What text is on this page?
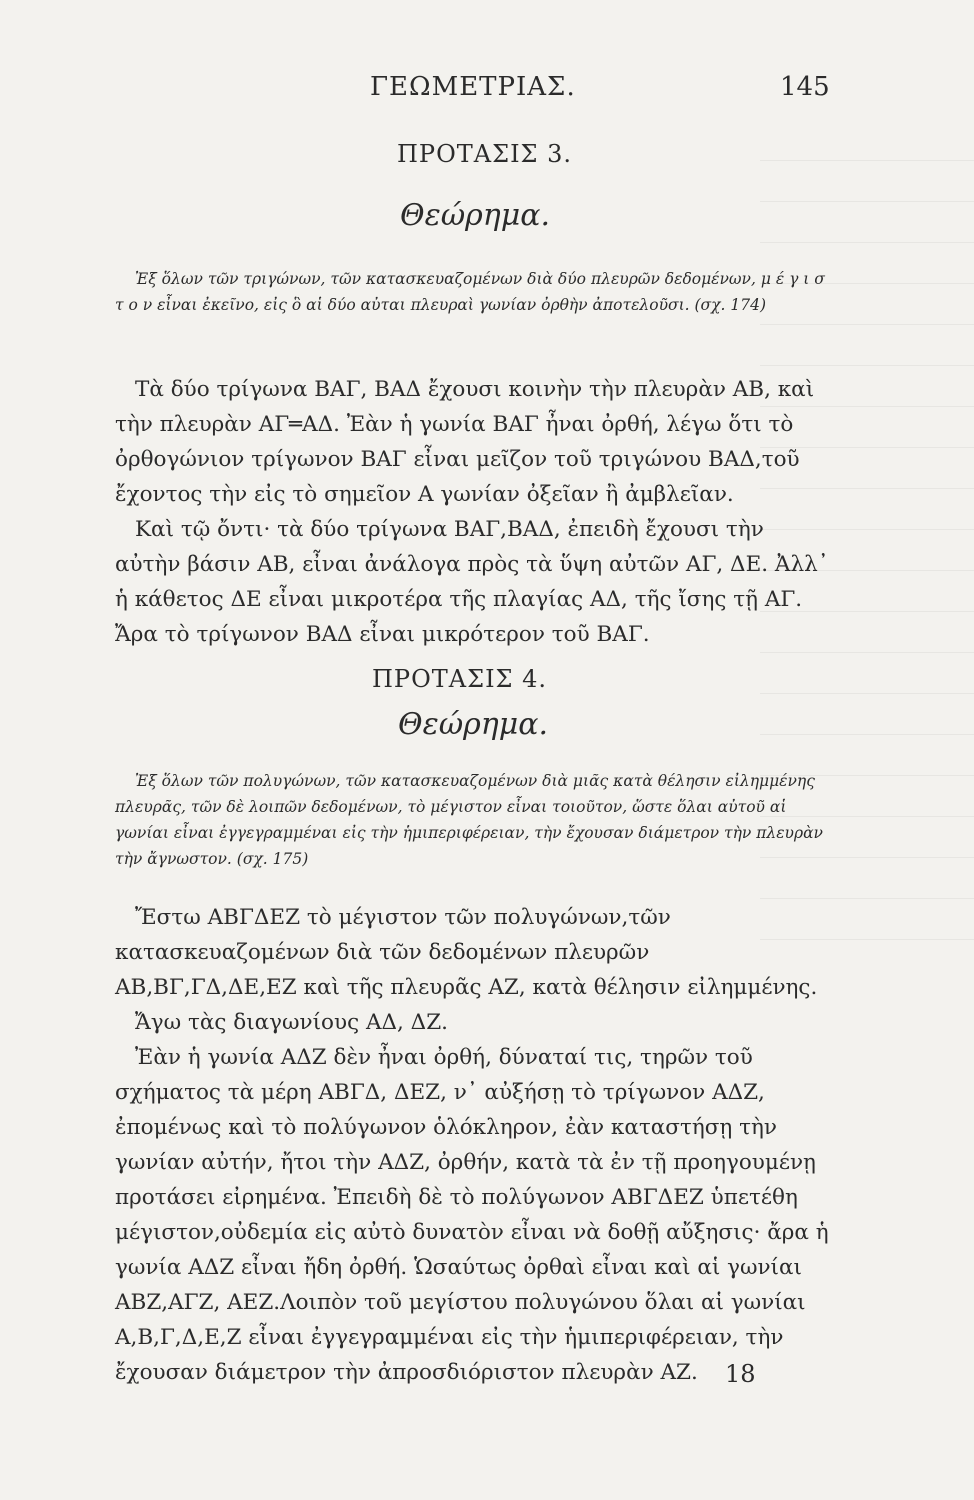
ΓΕΩΜΕΤΡΙΑΣ.	145
ΠΡΟΤΑΣΙΣ 3.
Θεώρημα.

Ἐξ ὅλων τῶν τριγώνων, τῶν κατασκευαζομένων διὰ δύο πλευρῶν δεδομένων, μ έ γ ι σ τ ο ν εἶναι ἐκεῖνο, εἰς ὃ αἱ δύο αὐται πλευραὶ γωνίαν ὀρθὴν ἀποτελοῦσι. (σχ. 174)

Τὰ δύο τρίγωνα ΒΑΓ, ΒΑΔ ἔχουσι κοινὴν τὴν πλευρὰν ΑΒ, καὶ τὴν πλευρὰν ΑΓ═ΑΔ. Ἐὰν ἡ γωνία ΒΑΓ ἦναι ὀρθή, λέγω ὅτι τὸ ὀρθογώνιον τρίγωνον ΒΑΓ εἶναι μεῖζον τοῦ τριγώνου ΒΑΔ,τοῦ ἔχοντος τὴν εἰς τὸ σημεῖον Α γωνίαν ὀξεῖαν ἢ ἀμβλεῖαν.

Καὶ τῷ ὄντι· τὰ δύο τρίγωνα ΒΑΓ,ΒΑΔ, ἐπειδὴ ἔχουσι τὴν αὐτὴν βάσιν ΑΒ, εἶναι ἀνάλογα πρὸς τὰ ὕψη αὐτῶν ΑΓ, ΔΕ. Ἀλλ᾽ ἡ κάθετος ΔΕ εἶναι μικροτέρα τῆς πλαγίας ΑΔ, τῆς ἴσης τῇ ΑΓ. Ἄρα τὸ τρίγωνον ΒΑΔ εἶναι μικρότερον τοῦ ΒΑΓ.

ΠΡΟΤΑΣΙΣ 4.
Θεώρημα.

Ἐξ ὅλων τῶν πολυγώνων, τῶν κατασκευαζομένων διὰ μιᾶς κατὰ θέλησιν εἰλημμένης πλευρᾶς, τῶν δὲ λοιπῶν δεδομένων, τὸ μέγιστον εἶναι τοιοῦτον, ὥστε ὅλαι αὐτοῦ αἱ γωνίαι εἶναι ἐγγεγραμμέναι εἰς τὴν ἡμιπεριφέρειαν, τὴν ἔχουσαν διάμετρον τὴν πλευρὰν τὴν ἄγνωστον. (σχ. 175)

Ἔστω ΑΒΓΔΕΖ τὸ μέγιστον τῶν πολυγώνων,τῶν κατασκευαζομένων διὰ τῶν δεδομένων πλευρῶν ΑΒ,ΒΓ,ΓΔ,ΔΕ,ΕΖ καὶ τῆς πλευρᾶς ΑΖ, κατὰ θέλησιν εἰλημμένης.

Ἄγω τὰς διαγωνίους ΑΔ, ΔΖ.

Ἐὰν ἡ γωνία ΑΔΖ δὲν ἦναι ὀρθή, δύναταί τις, τηρῶν τοῦ σχήματος τὰ μέρη ΑΒΓΔ, ΔΕΖ, ν᾽ αὐξήσῃ τὸ τρίγωνον ΑΔΖ, ἐπομένως καὶ τὸ πολύγωνον ὁλόκληρον, ἐὰν καταστήσῃ τὴν γωνίαν αὐτήν, ἤτοι τὴν ΑΔΖ, ὀρθήν, κατὰ τὰ ἐν τῇ προηγουμένῃ προτάσει εἰρημένα. Ἐπειδὴ δὲ τὸ πολύγωνον ΑΒΓΔΕΖ ὑπετέθη μέγιστον,οὐδεμία εἰς αὐτὸ δυνατὸν εἶναι νὰ δοθῇ αὔξησις· ἄρα ἡ γωνία ΑΔΖ εἶναι ἤδη ὀρθή. Ὡσαύτως ὀρθαὶ εἶναι καὶ αἱ γωνίαι ΑΒΖ,ΑΓΖ, ΑΕΖ.Λοιπὸν τοῦ μεγίστου πολυγώνου ὅλαι αἱ γωνίαι Α,Β,Γ,Δ,Ε,Ζ εἶναι ἐγγεγραμμέναι εἰς τὴν ἡμιπεριφέρειαν, τὴν ἔχουσαν διάμετρον τὴν ἀπροσδιόριστον πλευρὰν ΑΖ.	18
